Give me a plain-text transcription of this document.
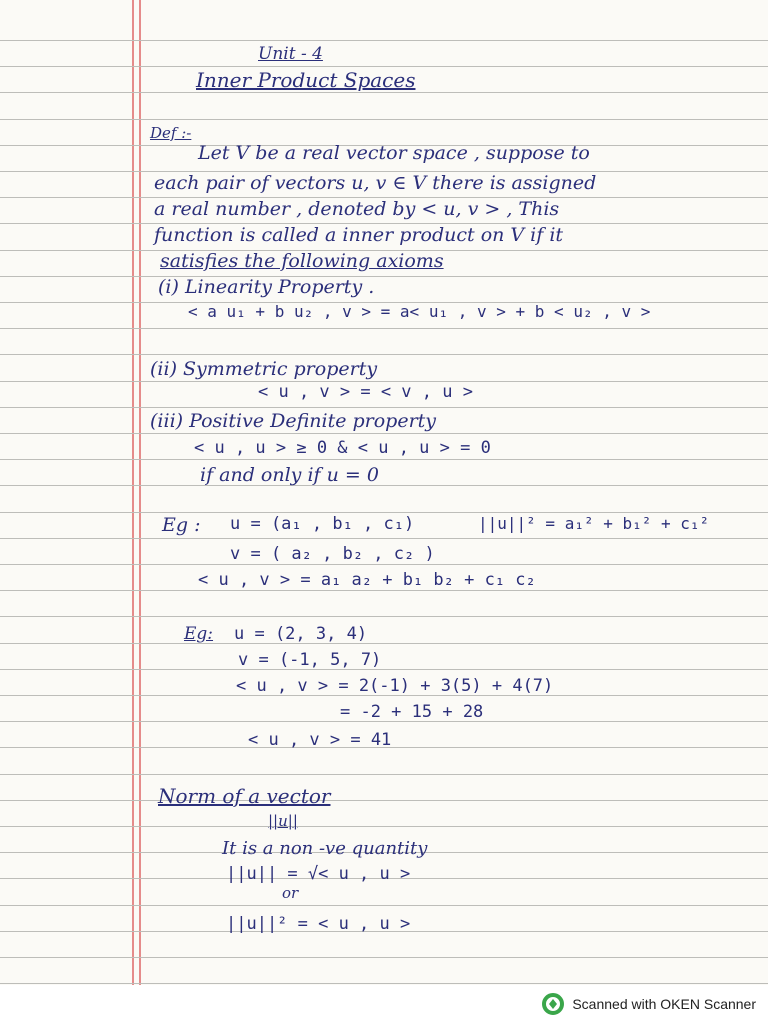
Unit - 4
Inner Product Spaces
Def :-
Let V be a real vector space , suppose to
each pair of vectors u, v ∈ V there is assigned
a real number , denoted by < u, v > , This
function is called a inner product on V if it
satisfies the following axioms
(i) Linearity Property .
< a u₁ + b u₂ , v > = a< u₁ , v > + b < u₂ , v >
(ii) Symmetric property
< u , v > = < v , u >
(iii) Positive Definite property
< u , u > ≥ 0 & < u , u > = 0
if and only if u = 0
Eg : u = (a₁ , b₁ , c₁)	||u||² = a₁² + b₁² + c₁²
v = ( a₂ , b₂ , c₂ )
< u , v > = a₁ a₂ + b₁ b₂ + c₁ c₂
Eg: u = (2, 3, 4)
v = (-1, 5, 7)
< u , v > = 2(-1) + 3(5) + 4(7)
= -2 + 15 + 28
< u , v > = 41
Norm of a vector
||u||
It is a non -ve quantity
||u|| = √< u , u >
or
||u||² = < u , u >
Scanned with OKEN Scanner
